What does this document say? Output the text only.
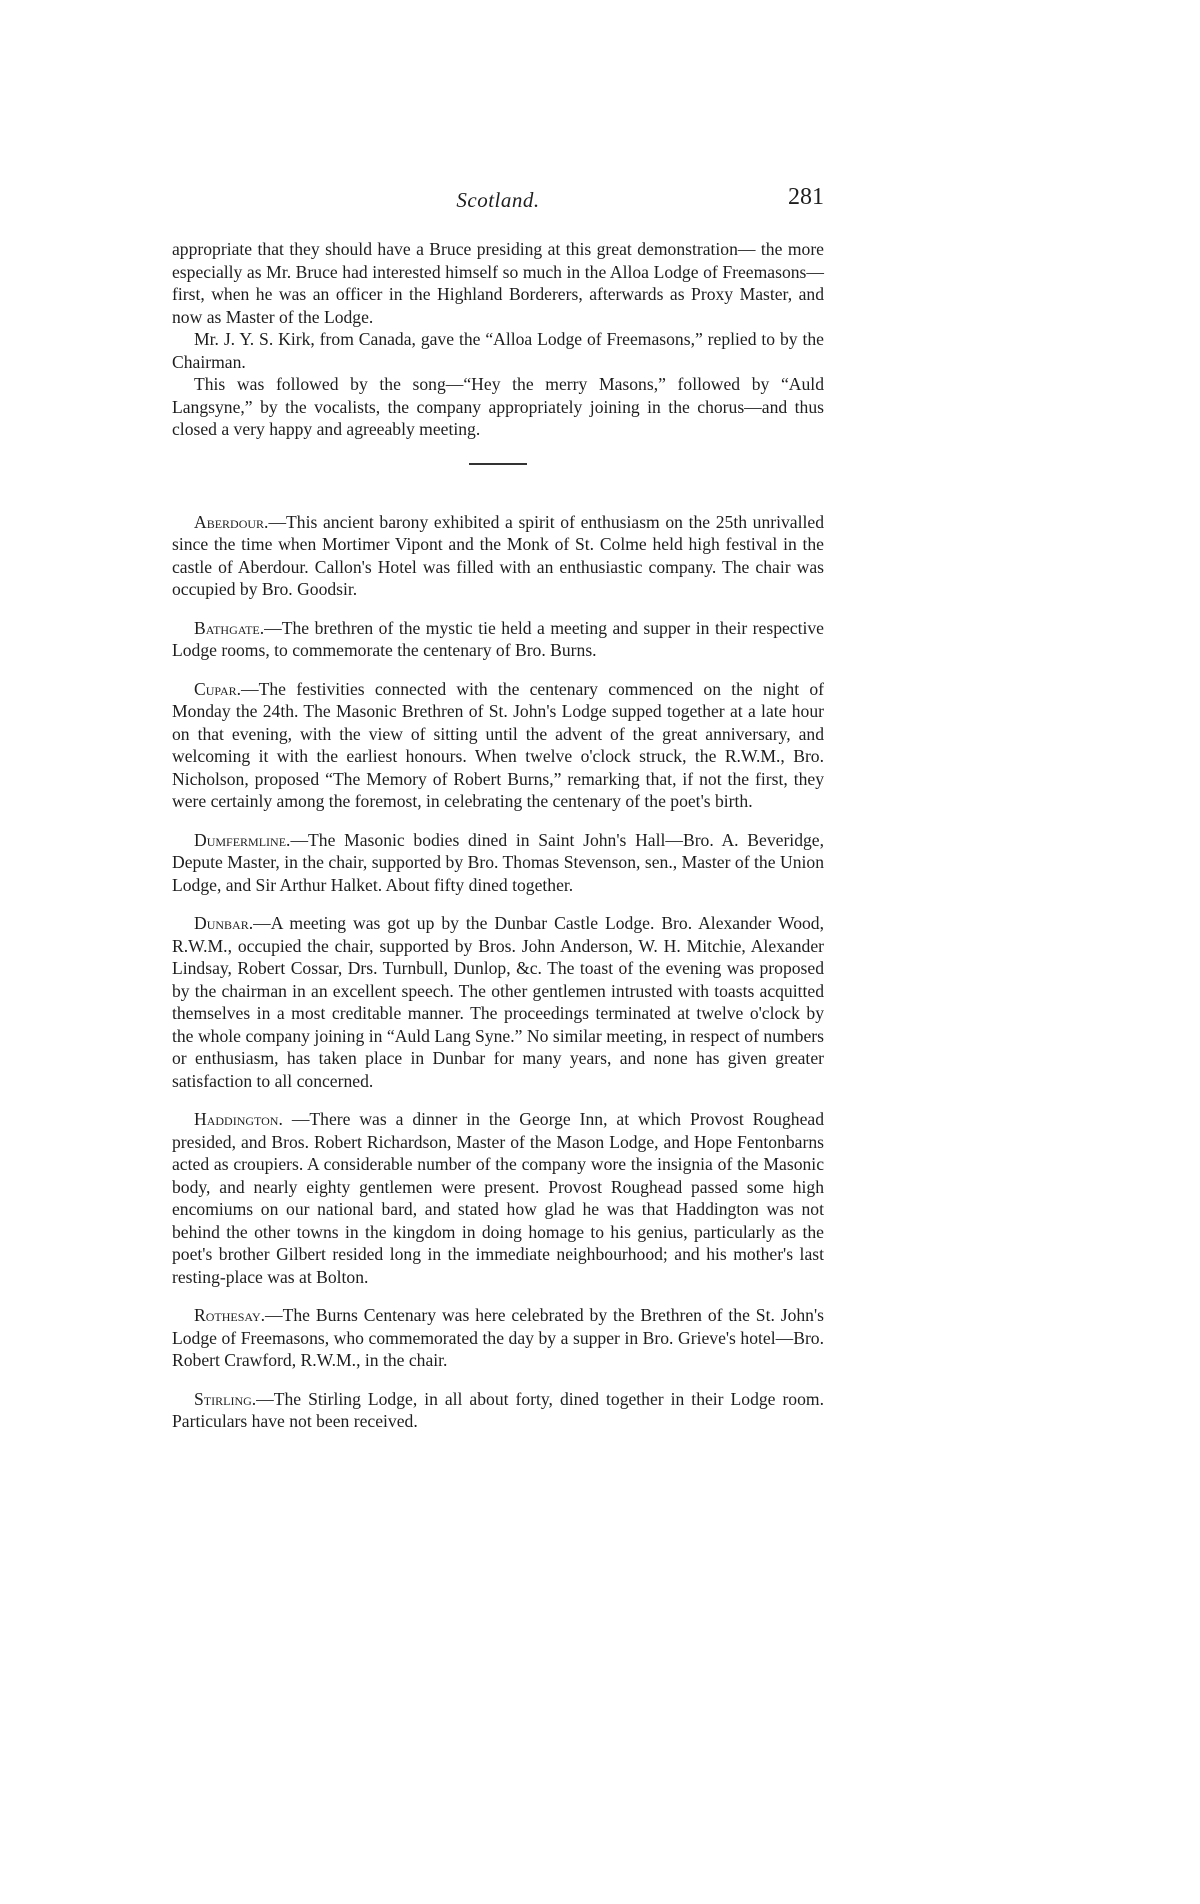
Scotland.	281

appropriate that they should have a Bruce presiding at this great demonstration— the more especially as Mr. Bruce had interested himself so much in the Alloa Lodge of Freemasons—first, when he was an officer in the Highland Borderers, afterwards as Proxy Master, and now as Master of the Lodge.

Mr. J. Y. S. Kirk, from Canada, gave the “Alloa Lodge of Freemasons,” replied to by the Chairman.

This was followed by the song—“Hey the merry Masons,” followed by “Auld Langsyne,” by the vocalists, the company appropriately joining in the chorus—and thus closed a very happy and agreeably meeting.

Aberdour.—This ancient barony exhibited a spirit of enthusiasm on the 25th unrivalled since the time when Mortimer Vipont and the Monk of St. Colme held high festival in the castle of Aberdour. Callon's Hotel was filled with an enthusiastic company. The chair was occupied by Bro. Goodsir.

Bathgate.—The brethren of the mystic tie held a meeting and supper in their respective Lodge rooms, to commemorate the centenary of Bro. Burns.

Cupar.—The festivities connected with the centenary commenced on the night of Monday the 24th. The Masonic Brethren of St. John's Lodge supped together at a late hour on that evening, with the view of sitting until the advent of the great anniversary, and welcoming it with the earliest honours. When twelve o'clock struck, the R.W.M., Bro. Nicholson, proposed “The Memory of Robert Burns,” remarking that, if not the first, they were certainly among the foremost, in celebrating the centenary of the poet's birth.

Dumfermline.—The Masonic bodies dined in Saint John's Hall—Bro. A. Beveridge, Depute Master, in the chair, supported by Bro. Thomas Stevenson, sen., Master of the Union Lodge, and Sir Arthur Halket. About fifty dined together.

Dunbar.—A meeting was got up by the Dunbar Castle Lodge. Bro. Alexander Wood, R.W.M., occupied the chair, supported by Bros. John Anderson, W. H. Mitchie, Alexander Lindsay, Robert Cossar, Drs. Turnbull, Dunlop, &c. The toast of the evening was proposed by the chairman in an excellent speech. The other gentlemen intrusted with toasts acquitted themselves in a most creditable manner. The proceedings terminated at twelve o'clock by the whole company joining in “Auld Lang Syne.” No similar meeting, in respect of numbers or enthusiasm, has taken place in Dunbar for many years, and none has given greater satisfaction to all concerned.

Haddington. —There was a dinner in the George Inn, at which Provost Roughead presided, and Bros. Robert Richardson, Master of the Mason Lodge, and Hope Fentonbarns acted as croupiers. A considerable number of the company wore the insignia of the Masonic body, and nearly eighty gentlemen were present. Provost Roughead passed some high encomiums on our national bard, and stated how glad he was that Haddington was not behind the other towns in the kingdom in doing homage to his genius, particularly as the poet's brother Gilbert resided long in the immediate neighbourhood; and his mother's last resting-place was at Bolton.

Rothesay.—The Burns Centenary was here celebrated by the Brethren of the St. John's Lodge of Freemasons, who commemorated the day by a supper in Bro. Grieve's hotel—Bro. Robert Crawford, R.W.M., in the chair.

Stirling.—The Stirling Lodge, in all about forty, dined together in their Lodge room. Particulars have not been received.
